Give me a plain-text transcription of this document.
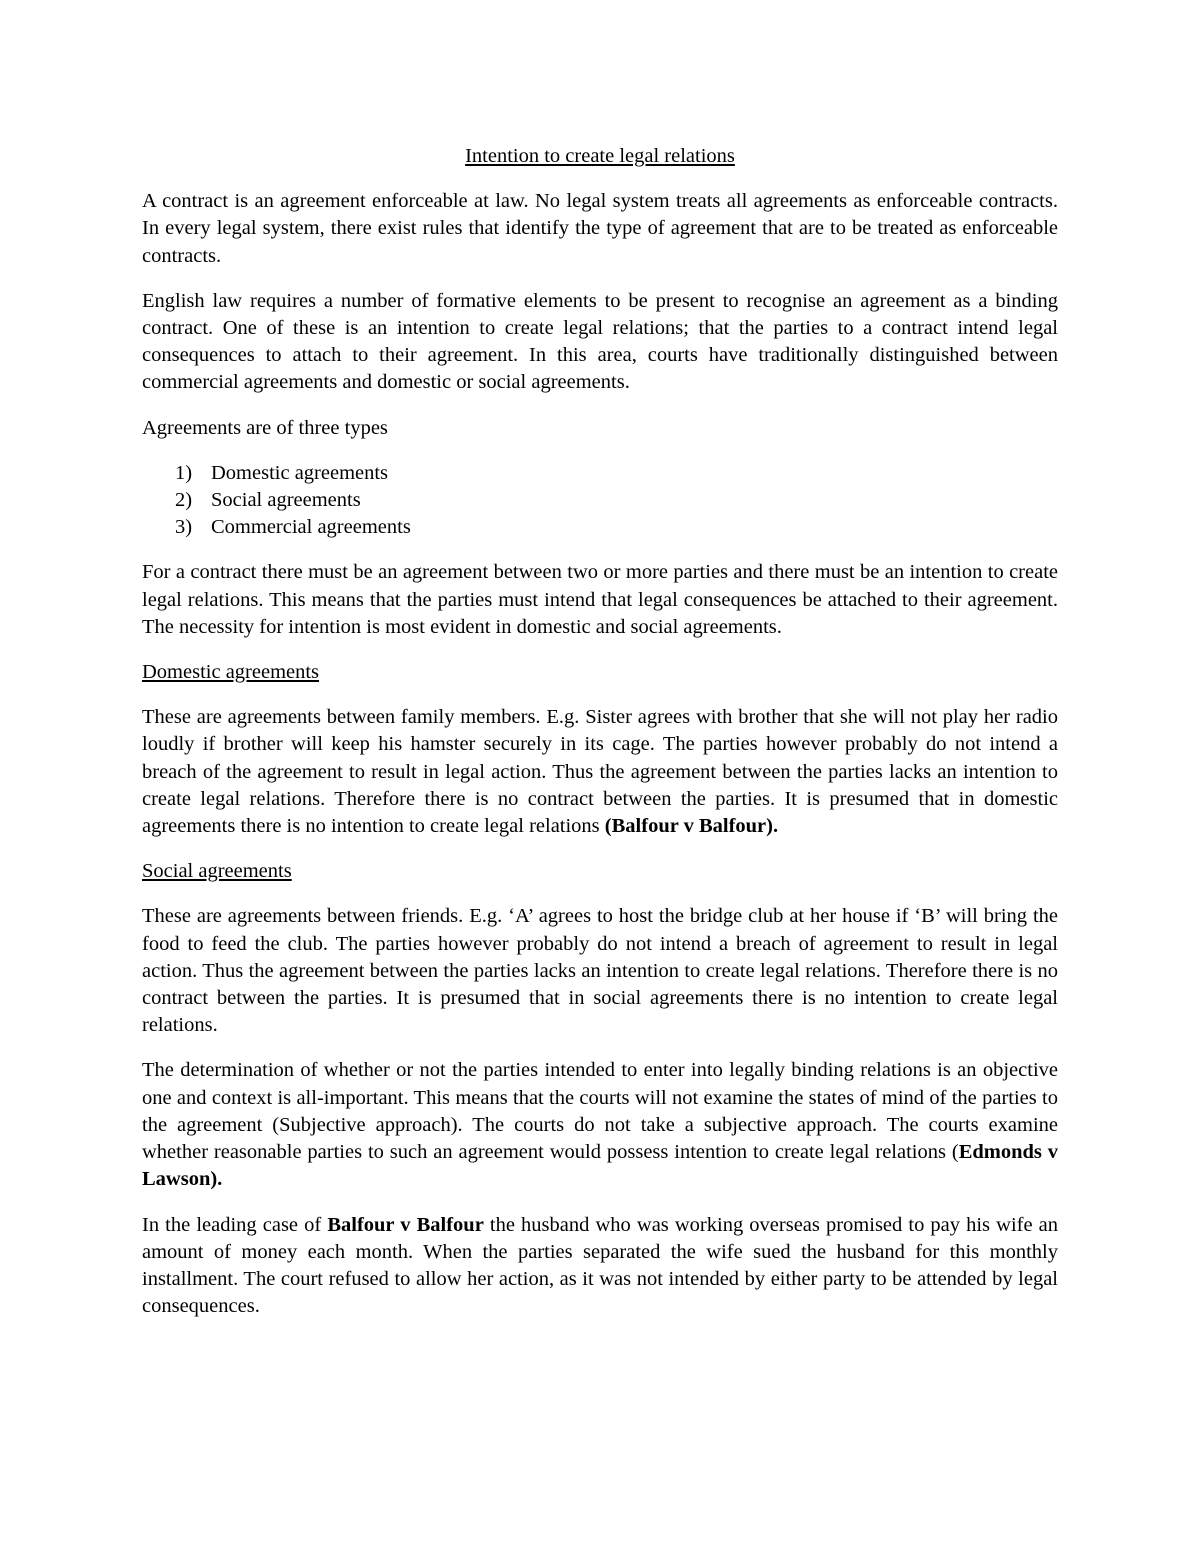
Intention to create legal relations

A contract is an agreement enforceable at law. No legal system treats all agreements as enforceable contracts. In every legal system, there exist rules that identify the type of agreement that are to be treated as enforceable contracts.

English law requires a number of formative elements to be present to recognise an agreement as a binding contract. One of these is an intention to create legal relations; that the parties to a contract intend legal consequences to attach to their agreement. In this area, courts have traditionally distinguished between commercial agreements and domestic or social agreements.

Agreements are of three types

1) Domestic agreements
2) Social agreements
3) Commercial agreements

For a contract there must be an agreement between two or more parties and there must be an intention to create legal relations. This means that the parties must intend that legal consequences be attached to their agreement. The necessity for intention is most evident in domestic and social agreements.

Domestic agreements

These are agreements between family members. E.g. Sister agrees with brother that she will not play her radio loudly if brother will keep his hamster securely in its cage. The parties however probably do not intend a breach of the agreement to result in legal action. Thus the agreement between the parties lacks an intention to create legal relations. Therefore there is no contract between the parties. It is presumed that in domestic agreements there is no intention to create legal relations (Balfour v Balfour).

Social agreements

These are agreements between friends. E.g. ‘A’ agrees to host the bridge club at her house if ‘B’ will bring the food to feed the club. The parties however probably do not intend a breach of agreement to result in legal action. Thus the agreement between the parties lacks an intention to create legal relations. Therefore there is no contract between the parties. It is presumed that in social agreements there is no intention to create legal relations.

The determination of whether or not the parties intended to enter into legally binding relations is an objective one and context is all-important. This means that the courts will not examine the states of mind of the parties to the agreement (Subjective approach). The courts do not take a subjective approach. The courts examine whether reasonable parties to such an agreement would possess intention to create legal relations (Edmonds v Lawson).

In the leading case of Balfour v Balfour the husband who was working overseas promised to pay his wife an amount of money each month. When the parties separated the wife sued the husband for this monthly installment. The court refused to allow her action, as it was not intended by either party to be attended by legal consequences.
